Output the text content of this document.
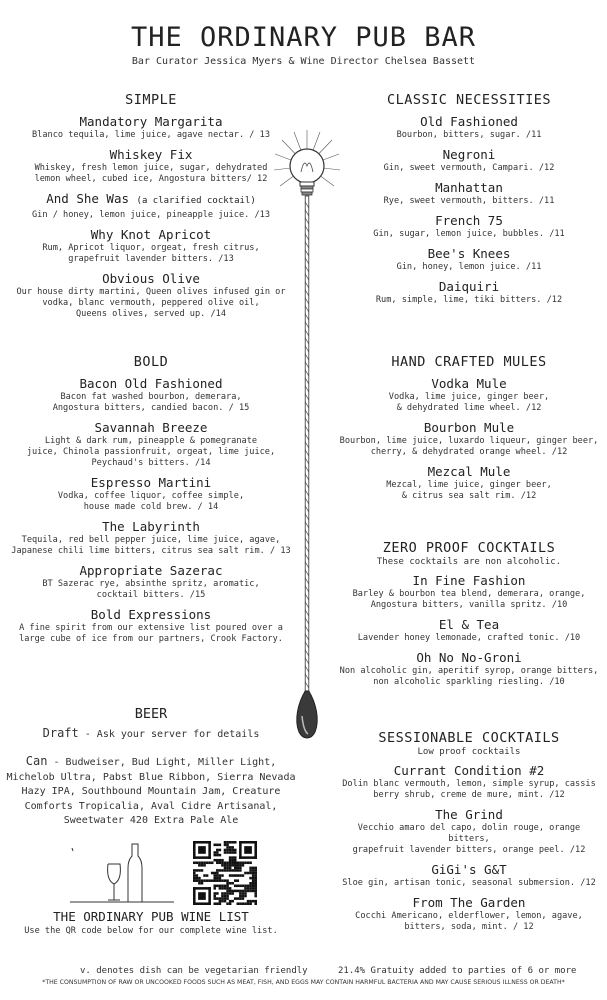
THE ORDINARY PUB BAR
Bar Curator Jessica Myers & Wine Director Chelsea Bassett
SIMPLE
Mandatory Margarita
Blanco tequila, lime juice, agave nectar. / 13
Whiskey Fix
Whiskey, fresh lemon juice, sugar, dehydrated
lemon wheel, cubed ice, Angostura bitters/ 12
And She Was (a clarified cocktail)
Gin / honey, lemon juice, pineapple juice. /13
Why Knot Apricot
Rum, Apricot liquor, orgeat, fresh citrus,
grapefruit lavender bitters. /13
Obvious Olive
Our house dirty martini, Queen olives infused gin or
vodka, blanc vermouth, peppered olive oil,
Queens olives, served up. /14
BOLD
Bacon Old Fashioned
Bacon fat washed bourbon, demerara,
Angostura bitters, candied bacon. / 15
Savannah Breeze
Light & dark rum, pineapple & pomegranate
juice, Chinola passionfruit, orgeat, lime juice,
Peychaud's bitters. /14
Espresso Martini
Vodka, coffee liquor, coffee simple,
house made cold brew. / 14
The Labyrinth
Tequila, red bell pepper juice, lime juice, agave,
Japanese chili lime bitters, citrus sea salt rim. / 13
Appropriate Sazerac
BT Sazerac rye, absinthe spritz, aromatic,
cocktail bitters. /15
Bold Expressions
A fine spirit from our extensive list poured over a
large cube of ice from our partners, Crook Factory.
CLASSIC NECESSITIES
Old Fashioned
Bourbon, bitters, sugar. /11
Negroni
Gin, sweet vermouth, Campari. /12
Manhattan
Rye, sweet vermouth, bitters. /11
French 75
Gin, sugar, lemon juice, bubbles. /11
Bee's Knees
Gin, honey, lemon juice. /11
Daiquiri
Rum, simple, lime, tiki bitters. /12
HAND CRAFTED MULES
Vodka Mule
Vodka, lime juice, ginger beer,
& dehydrated lime wheel. /12
Bourbon Mule
Bourbon, lime juice, luxardo liqueur, ginger beer,
cherry, & dehydrated orange wheel. /12
Mezcal Mule
Mezcal, lime juice, ginger beer,
& citrus sea salt rim. /12
ZERO PROOF COCKTAILS
These cocktails are non alcoholic.
In Fine Fashion
Barley & bourbon tea blend, demerara, orange,
Angostura bitters, vanilla spritz. /10
El & Tea
Lavender honey lemonade, crafted tonic. /10
Oh No No-Groni
Non alcoholic gin, aperitif syrop, orange bitters,
non alcoholic sparkling riesling. /10
SESSIONABLE COCKTAILS
Low proof cocktails
Currant Condition #2
Dolin blanc vermouth, lemon, simple syrup, cassis
berry shrub, creme de mure, mint. /12
The Grind
Vecchio amaro del capo, dolin rouge, orange bitters,
grapefruit lavender bitters, orange peel. /12
GiGi's G&T
Sloe gin, artisan tonic, seasonal submersion. /12
From The Garden
Cocchi Americano, elderflower, lemon, agave,
bitters, soda, mint. / 12
BEER
Draft - Ask your server for details
Can - Budweiser, Bud Light, Miller Light,
Michelob Ultra, Pabst Blue Ribbon, Sierra Nevada
Hazy IPA, Southbound Mountain Jam, Creature
Comforts Tropicalia, Aval Cidre Artisanal,
Sweetwater 420 Extra Pale Ale
THE ORDINARY PUB WINE LIST
Use the QR code below for our complete wine list.
v. denotes dish can be vegetarian friendly	21.4% Gratuity added to parties of 6 or more
*THE CONSUMPTION OF RAW OR UNCOOKED FOODS SUCH AS MEAT, FISH, AND EGGS MAY CONTAIN HARMFUL BACTERIA AND MAY CAUSE SERIOUS ILLNESS OR DEATH*
